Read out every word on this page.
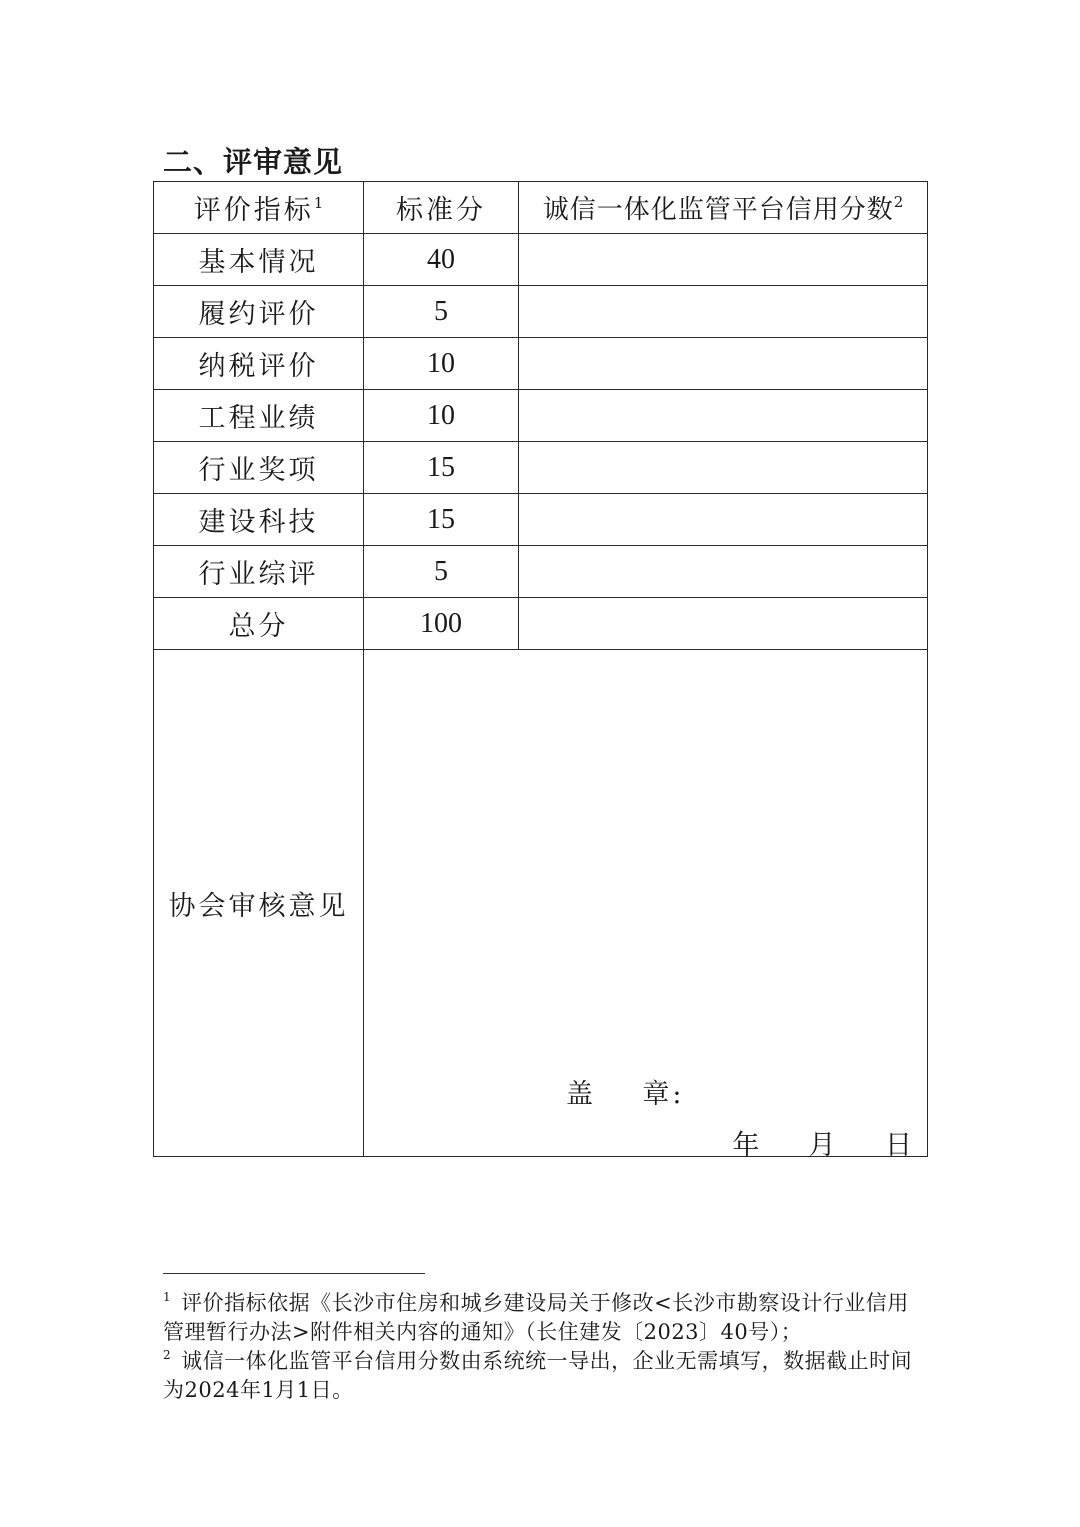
二、评审意见
评价指标$^1$	标准分	诚信一体化监管平台信用分数$^2$
基本情况	40	
履约评价	5	
纳税评价	10	
工程业绩	10	
行业奖项	15	
建设科技	15	
行业综评	5	
总分	100	
协会审核意见	盖    章:
年    月    日	
$^1$ 评价指标依据《长沙市住房和城乡建设局关于修改<长沙市勘察设计行业信用管理暂行办法>附件相关内容的通知》（长住建发〔2023〕40号）；
$^2$ 诚信一体化监管平台信用分数由系统统一导出，企业无需填写，数据截止时间为2024年1月1日。
